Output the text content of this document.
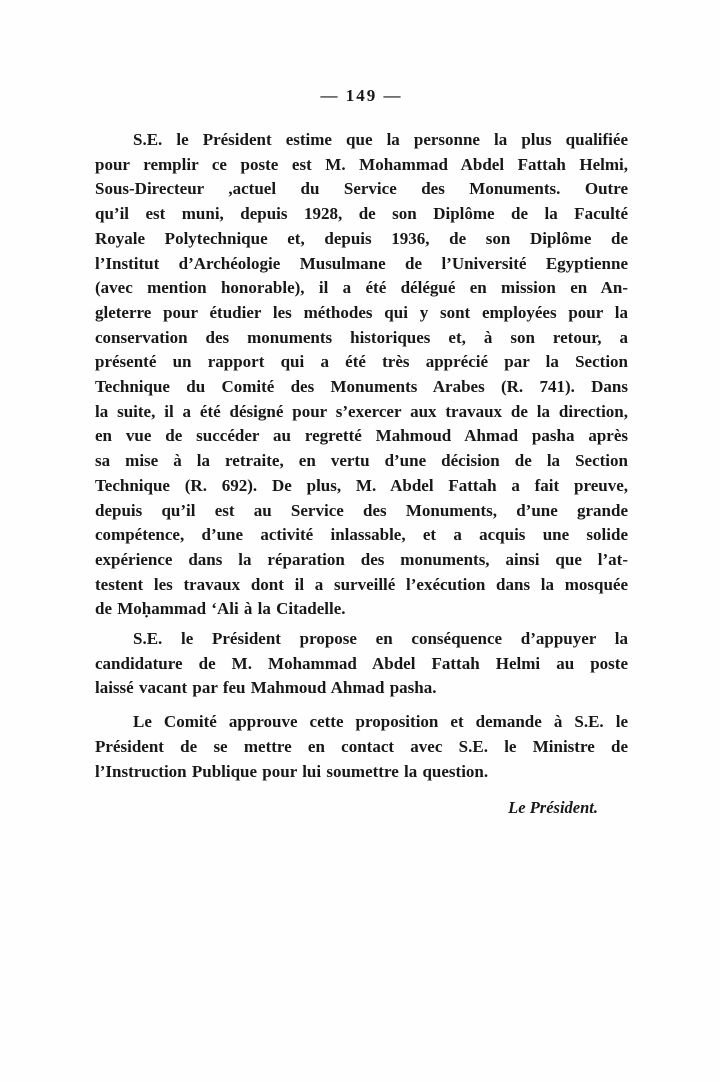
— 149 —
S.E. le Président estime que la personne la plus qualifiée
pour remplir ce poste est M. Mohammad Abdel Fattah Helmi,
Sous-Directeur ,actuel du Service des Monuments. Outre
qu’il est muni, depuis 1928, de son Diplôme de la Faculté
Royale Polytechnique et, depuis 1936, de son Diplôme de
l’Institut d’Archéologie Musulmane de l’Université Egyptienne
(avec mention honorable), il a été délégué en mission en An-
gleterre pour étudier les méthodes qui y sont employées pour la
conservation des monuments historiques et, à son retour, a
présenté un rapport qui a été très apprécié par la Section
Technique du Comité des Monuments Arabes (R. 741). Dans
la suite, il a été désigné pour s’exercer aux travaux de la direction,
en vue de succéder au regretté Mahmoud Ahmad pasha après
sa mise à la retraite, en vertu d’une décision de la Section
Technique (R. 692). De plus, M. Abdel Fattah a fait preuve,
depuis qu’il est au Service des Monuments, d’une grande
compétence, d’une activité inlassable, et a acquis une solide
expérience dans la réparation des monuments, ainsi que l’at-
testent les travaux dont il a surveillé l’exécution dans la mosquée
de Moḥammad ‘Ali à la Citadelle.
S.E. le Président propose en conséquence d’appuyer la
candidature de M. Mohammad Abdel Fattah Helmi au poste
laissé vacant par feu Mahmoud Ahmad pasha.
Le Comité approuve cette proposition et demande à S.E. le
Président de se mettre en contact avec S.E. le Ministre de
l’Instruction Publique pour lui soumettre la question.
Le Président.
